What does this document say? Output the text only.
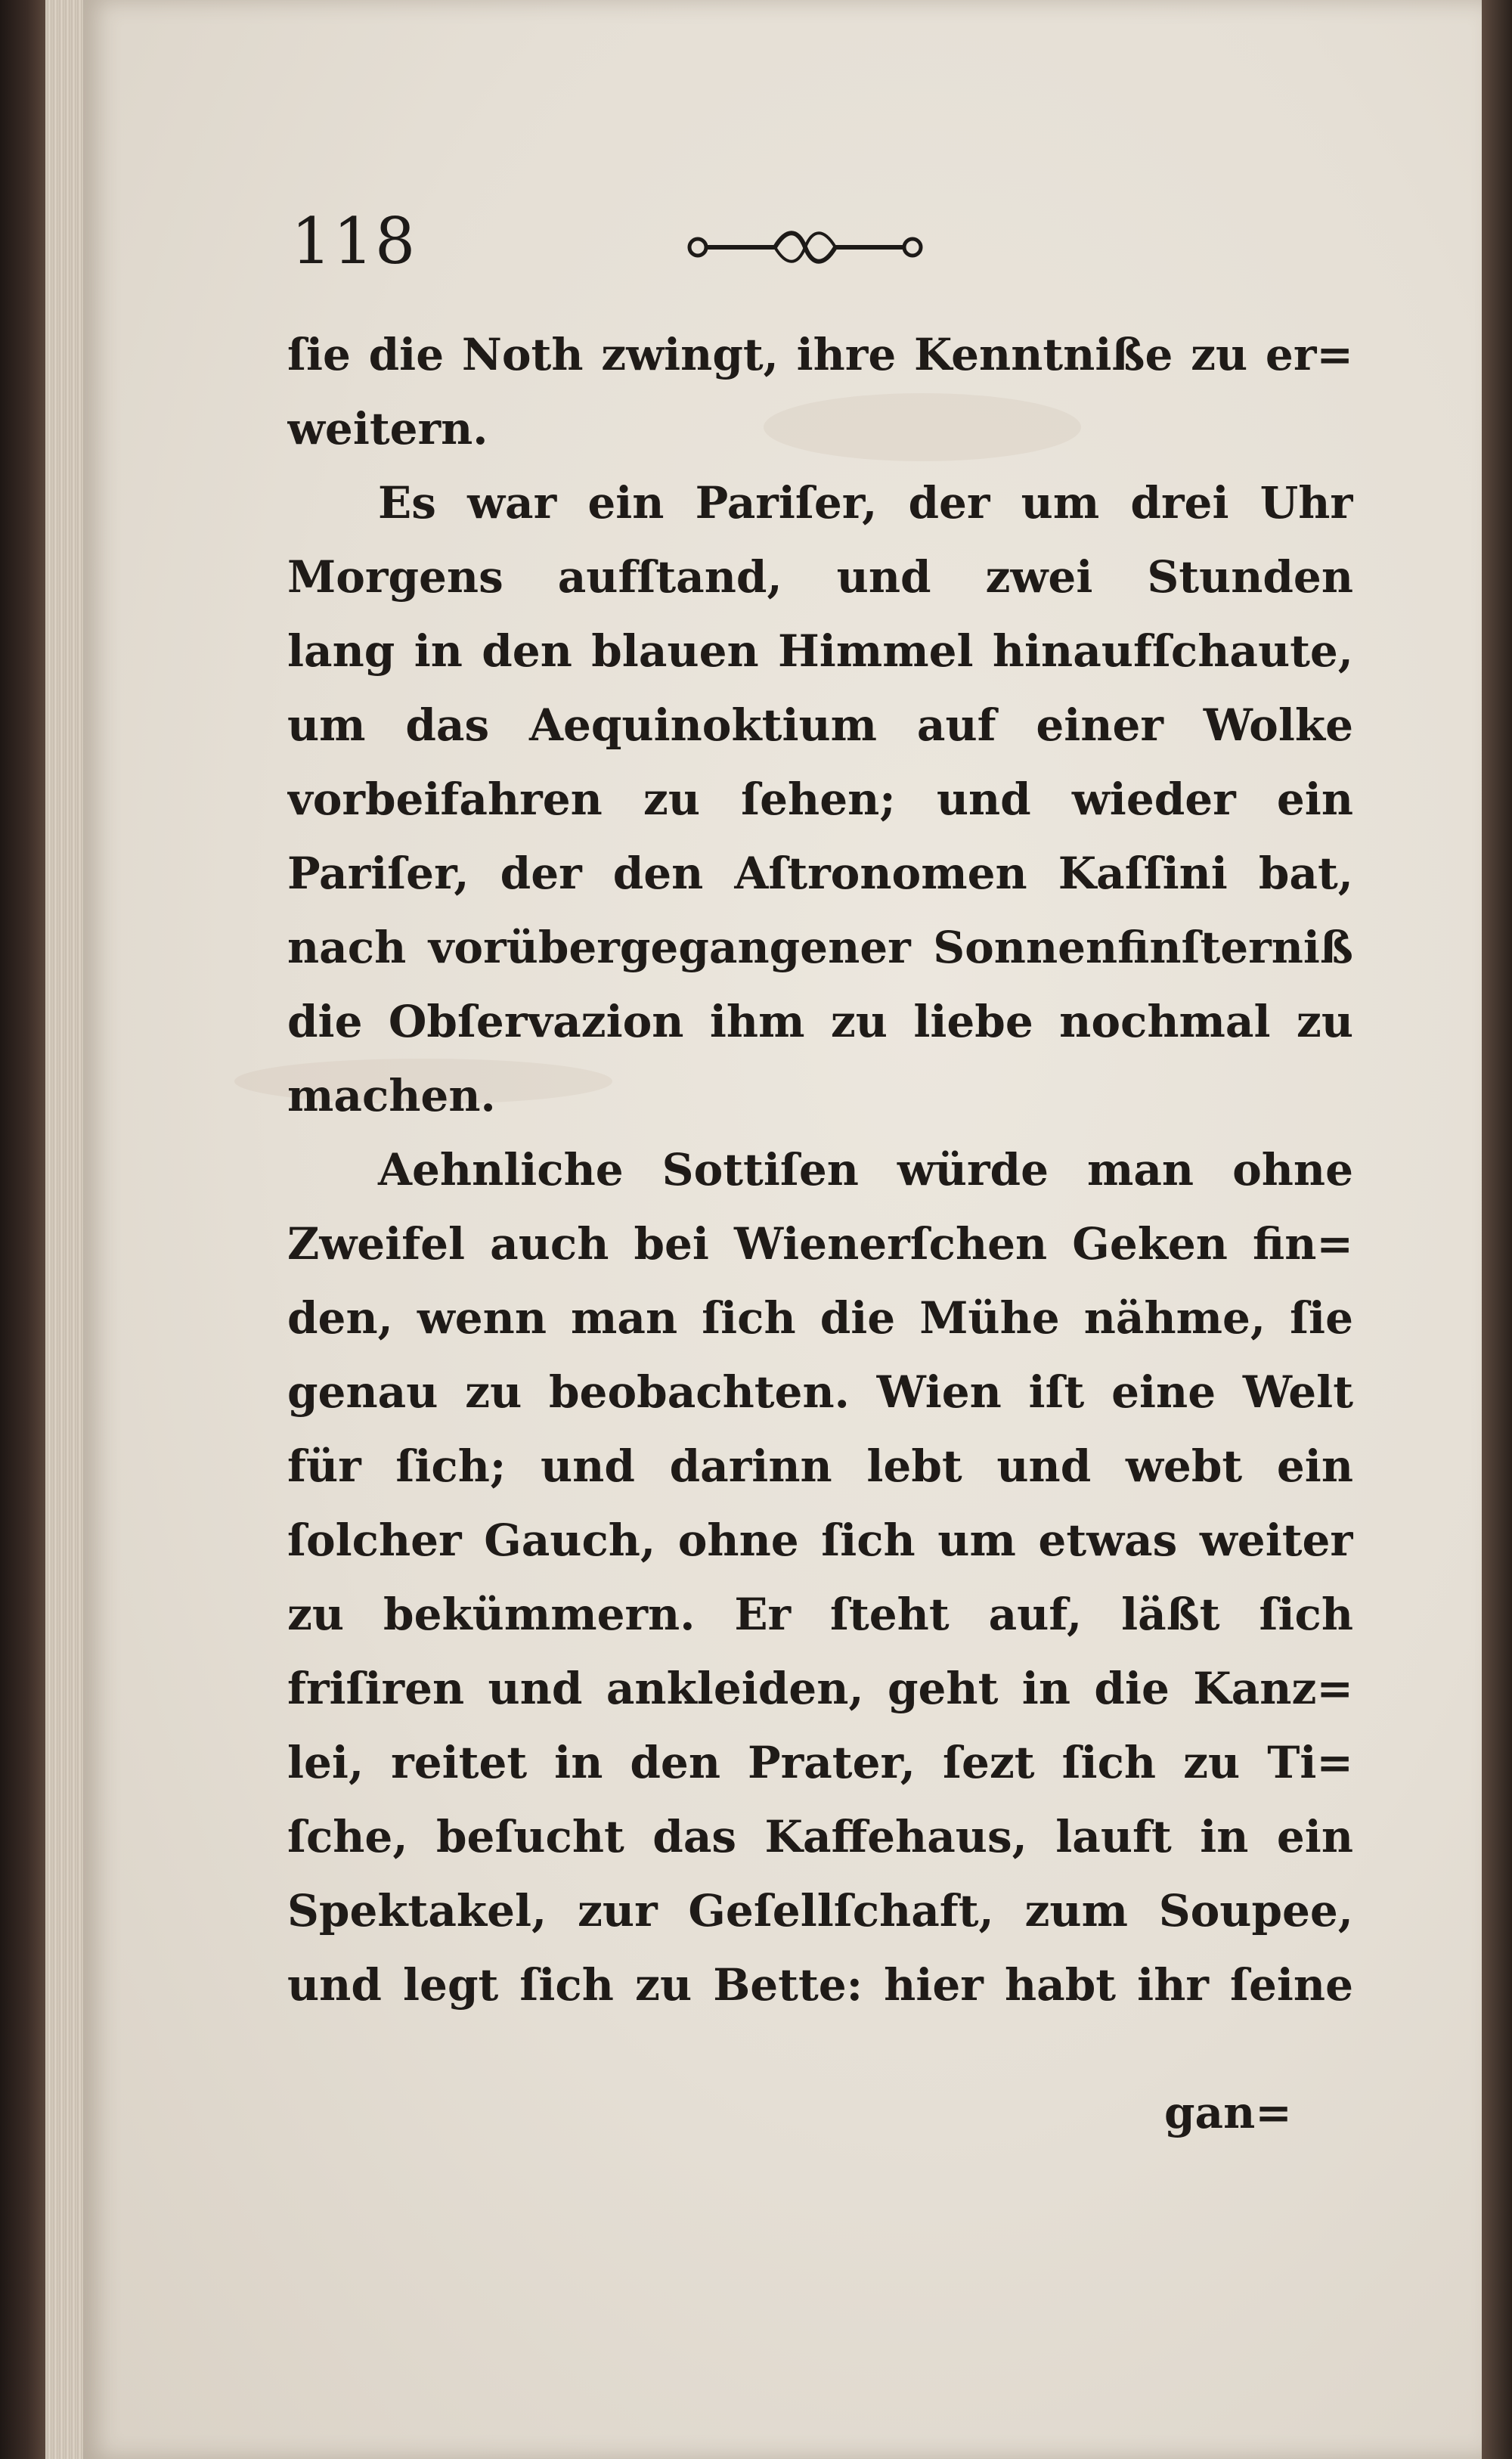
118
ſie die Noth zwingt, ihre Kenntniße zu er=
weitern.
Es war ein Pariſer, der um drei Uhr
Morgens aufſtand, und zwei Stunden
lang in den blauen Himmel hinaufſchaute,
um das Aequinoktium auf einer Wolke
vorbeifahren zu ſehen; und wieder ein
Pariſer, der den Aſtronomen Kaſſini bat,
nach vorübergegangener Sonnenfinſterniß
die Obſervazion ihm zu liebe nochmal zu
machen.
Aehnliche Sottiſen würde man ohne
Zweifel auch bei Wienerſchen Geken fin=
den, wenn man ſich die Mühe nähme, ſie
genau zu beobachten. Wien iſt eine Welt
für ſich; und darinn lebt und webt ein
ſolcher Gauch, ohne ſich um etwas weiter
zu bekümmern. Er ſteht auf, läßt ſich
friſiren und ankleiden, geht in die Kanz=
lei, reitet in den Prater, ſezt ſich zu Ti=
ſche, beſucht das Kaffehaus, lauft in ein
Spektakel, zur Geſellſchaft, zum Soupee,
und legt ſich zu Bette: hier habt ihr ſeine
gan=
